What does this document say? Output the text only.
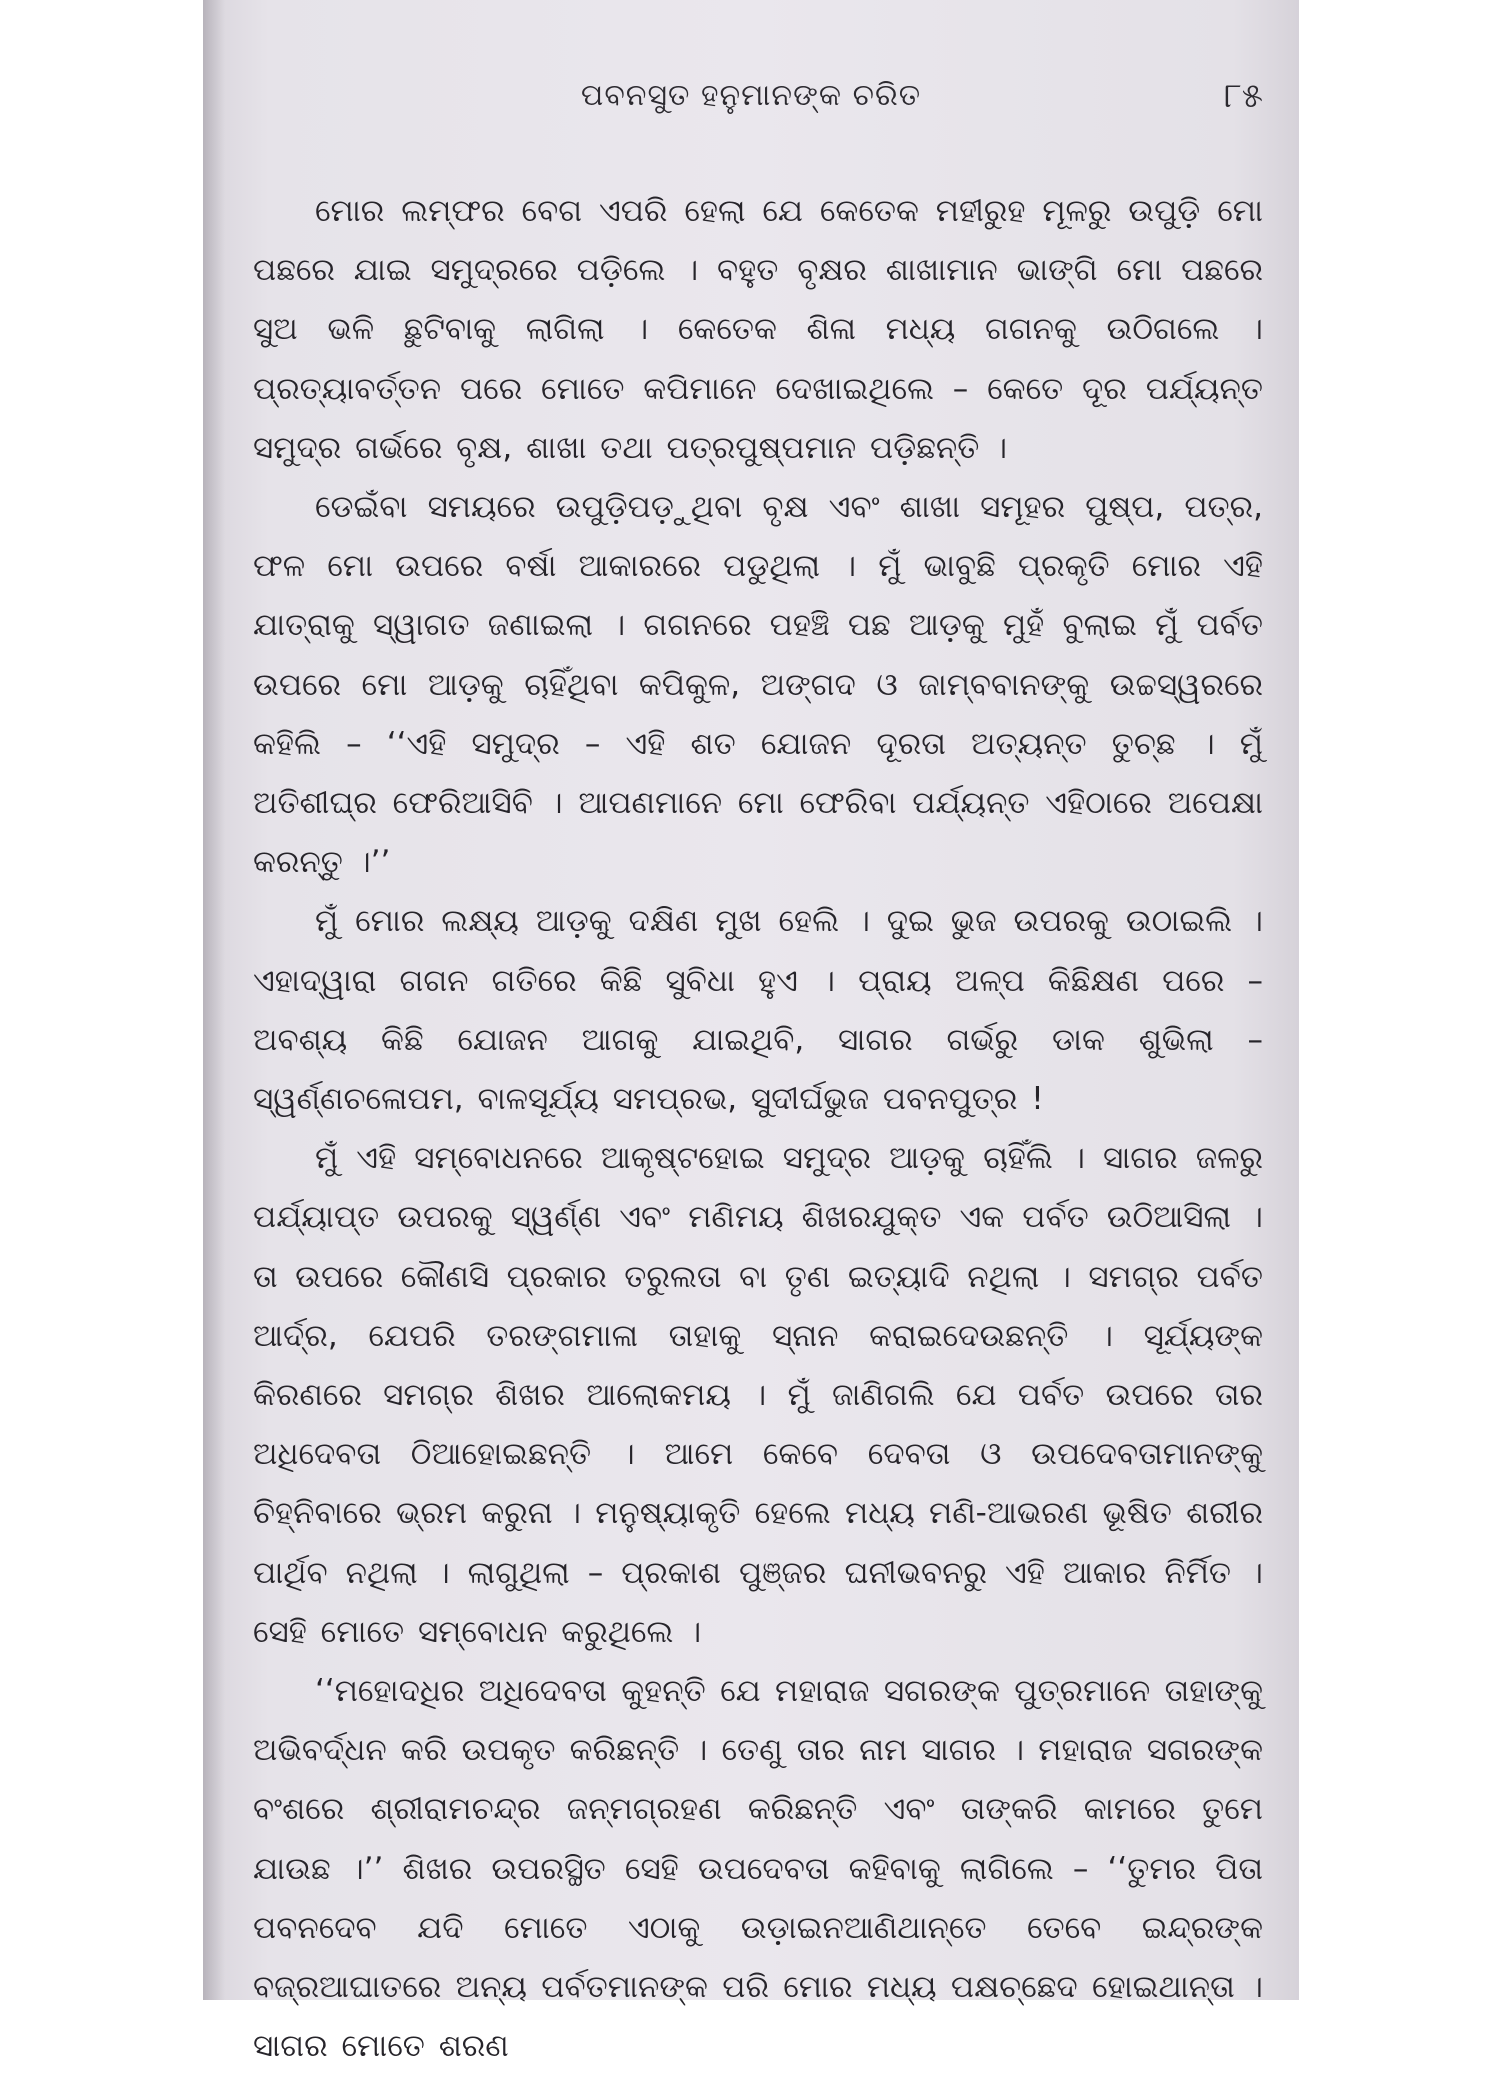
ପବନସୁତ ହନୁମାନଙ୍କ ଚରିତ	୮୫

ମୋର ଲମ୍ଫର ବେଗ ଏପରି ହେଲା ଯେ କେତେକ ମହୀରୁହ ମୂଳରୁ ଉପୁଡ଼ି ମୋ ପଛରେ ଯାଇ ସମୁଦ୍ରରେ ପଡ଼ିଲେ । ବହୁତ ବୃକ୍ଷର ଶାଖାମାନ ଭାଙ୍ଗି ମୋ ପଛରେ ସୁଅ ଭଳି ଛୁଟିବାକୁ ଲାଗିଲା । କେତେକ ଶିଳା ମଧ୍ୟ ଗଗନକୁ ଉଠିଗଲେ । ପ୍ରତ୍ୟାବର୍ତ୍ତନ ପରେ ମୋତେ କପିମାନେ ଦେଖାଇଥିଲେ – କେତେ ଦୂର ପର୍ଯ୍ୟନ୍ତ ସମୁଦ୍ର ଗର୍ଭରେ ବୃକ୍ଷ, ଶାଖା ତଥା ପତ୍ରପୁଷ୍ପମାନ ପଡ଼ିଛନ୍ତି ।

ଡେଇଁବା ସମୟରେ ଉପୁଡ଼ିପଡ଼ୁଥିବା ବୃକ୍ଷ ଏବଂ ଶାଖା ସମୂହର ପୁଷ୍ପ, ପତ୍ର, ଫଳ ମୋ ଉପରେ ବର୍ଷା ଆକାରରେ ପଡୁଥିଲା । ମୁଁ ଭାବୁଛି ପ୍ରକୃତି ମୋର ଏହି ଯାତ୍ରାକୁ ସ୍ୱାଗତ ଜଣାଇଲା । ଗଗନରେ ପହଞ୍ଚି ପଛ ଆଡ଼କୁ ମୁହଁ ବୁଲାଇ ମୁଁ ପର୍ବତ ଉପରେ ମୋ ଆଡ଼କୁ ଚାହିଁଥିବା କପିକୁଳ, ଅଙ୍ଗଦ ଓ ଜାମ୍ବବାନଙ୍କୁ ଉଚ୍ଚସ୍ୱରରେ କହିଲି – ‘‘ଏହି ସମୁଦ୍ର – ଏହି ଶତ ଯୋଜନ ଦୂରତା ଅତ୍ୟନ୍ତ ତୁଚ୍ଛ । ମୁଁ ଅତିଶୀଘ୍ର ଫେରିଆସିବି । ଆପଣମାନେ ମୋ ଫେରିବା ପର୍ଯ୍ୟନ୍ତ ଏହିଠାରେ ଅପେକ୍ଷା କରନ୍ତୁ ।’’

ମୁଁ ମୋର ଲକ୍ଷ୍ୟ ଆଡ଼କୁ ଦକ୍ଷିଣ ମୁଖ ହେଲି । ଦୁଇ ଭୁଜ ଉପରକୁ ଉଠାଇଲି । ଏହାଦ୍ୱାରା ଗଗନ ଗତିରେ କିଛି ସୁବିଧା ହୁଏ । ପ୍ରାୟ ଅଳ୍ପ କିଛିକ୍ଷଣ ପରେ – ଅବଶ୍ୟ କିଛି ଯୋଜନ ଆଗକୁ ଯାଇଥିବି, ସାଗର ଗର୍ଭରୁ ଡାକ ଶୁଭିଲା – ସ୍ୱର୍ଣ୍ଣଚଳୋପମ, ବାଳସୂର୍ଯ୍ୟ ସମପ୍ରଭ, ସୁଦୀର୍ଘଭୁଜ ପବନପୁତ୍ର !

ମୁଁ ଏହି ସମ୍ବୋଧନରେ ଆକୃଷ୍ଟହୋଇ ସମୁଦ୍ର ଆଡ଼କୁ ଚାହିଁଲି । ସାଗର ଜଳରୁ ପର୍ଯ୍ୟାପ୍ତ ଉପରକୁ ସ୍ୱର୍ଣ୍ଣ ଏବଂ ମଣିମୟ ଶିଖରଯୁକ୍ତ ଏକ ପର୍ବତ ଉଠିଆସିଲା । ତା ଉପରେ କୌଣସି ପ୍ରକାର ତରୁଲତା ବା ତୃଣ ଇତ୍ୟାଦି ନଥିଲା । ସମଗ୍ର ପର୍ବତ ଆର୍ଦ୍ର, ଯେପରି ତରଙ୍ଗମାଳା ତାହାକୁ ସ୍ନାନ କରାଇଦେଉଛନ୍ତି । ସୂର୍ଯ୍ୟଙ୍କ କିରଣରେ ସମଗ୍ର ଶିଖର ଆଲୋକମୟ । ମୁଁ ଜାଣିଗଲି ଯେ ପର୍ବତ ଉପରେ ତାର ଅଧିଦେବତା ଠିଆହୋଇଛନ୍ତି । ଆମେ କେବେ ଦେବତା ଓ ଉପଦେବତାମାନଙ୍କୁ ଚିହ୍ନିବାରେ ଭ୍ରମ କରୁନା । ମନୁଷ୍ୟାକୃତି ହେଲେ ମଧ୍ୟ ମଣି-ଆଭରଣ ଭୂଷିତ ଶରୀର ପାର୍ଥିବ ନଥିଲା । ଲାଗୁଥିଲା – ପ୍ରକାଶ ପୁଞ୍ଜର ଘନୀଭବନରୁ ଏହି ଆକାର ନିର୍ମିତ । ସେହି ମୋତେ ସମ୍ବୋଧନ କରୁଥିଲେ ।

‘‘ମହୋଦଧିର ଅଧିଦେବତା କୁହନ୍ତି ଯେ ମହାରାଜ ସଗରଙ୍କ ପୁତ୍ରମାନେ ତାହାଙ୍କୁ ଅଭିବର୍ଦ୍ଧନ କରି ଉପକୃତ କରିଛନ୍ତି । ତେଣୁ ତାର ନାମ ସାଗର । ମହାରାଜ ସଗରଙ୍କ ବଂଶରେ ଶ୍ରୀରାମଚନ୍ଦ୍ର ଜନ୍ମଗ୍ରହଣ କରିଛନ୍ତି ଏବଂ ତାଙ୍କରି କାମରେ ତୁମେ ଯାଉଛ ।’’ ଶିଖର ଉପରସ୍ଥିତ ସେହି ଉପଦେବତା କହିବାକୁ ଲାଗିଲେ – ‘‘ତୁମର ପିତା ପବନଦେବ ଯଦି ମୋତେ ଏଠାକୁ ଉଡ଼ାଇନଆଣିଥାନ୍ତେ ତେବେ ଇନ୍ଦ୍ରଙ୍କ ବଜ୍ରଆଘାତରେ ଅନ୍ୟ ପର୍ବତମାନଙ୍କ ପରି ମୋର ମଧ୍ୟ ପକ୍ଷଚ୍ଛେଦ ହୋଇଥାନ୍ତା । ସାଗର ମୋତେ ଶରଣ
